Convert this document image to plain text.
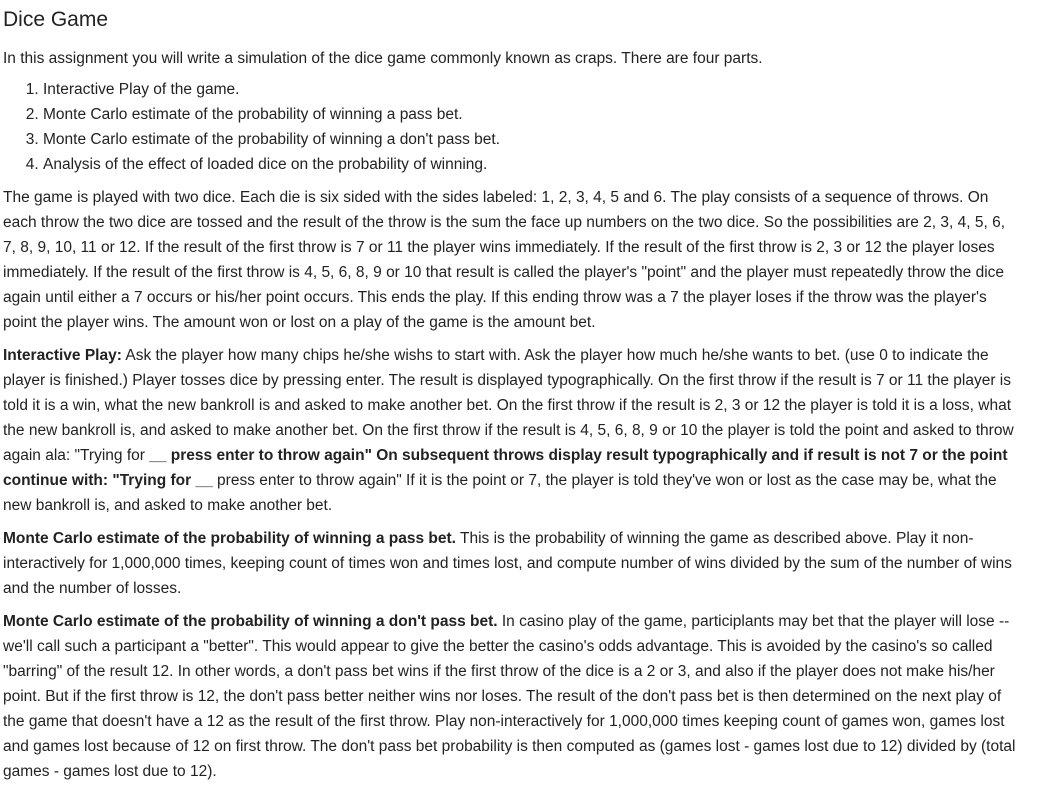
Dice Game

In this assignment you will write a simulation of the dice game commonly known as craps. There are four parts.

1. Interactive Play of the game.
2. Monte Carlo estimate of the probability of winning a pass bet.
3. Monte Carlo estimate of the probability of winning a don't pass bet.
4. Analysis of the effect of loaded dice on the probability of winning.

The game is played with two dice. Each die is six sided with the sides labeled: 1, 2, 3, 4, 5 and 6. The play consists of a sequence of throws. On each throw the two dice are tossed and the result of the throw is the sum the face up numbers on the two dice. So the possibilities are 2, 3, 4, 5, 6, 7, 8, 9, 10, 11 or 12. If the result of the first throw is 7 or 11 the player wins immediately. If the result of the first throw is 2, 3 or 12 the player loses immediately. If the result of the first throw is 4, 5, 6, 8, 9 or 10 that result is called the player's "point" and the player must repeatedly throw the dice again until either a 7 occurs or his/her point occurs. This ends the play. If this ending throw was a 7 the player loses if the throw was the player's point the player wins. The amount won or lost on a play of the game is the amount bet.

Interactive Play: Ask the player how many chips he/she wishs to start with. Ask the player how much he/she wants to bet. (use 0 to indicate the player is finished.) Player tosses dice by pressing enter. The result is displayed typographically. On the first throw if the result is 7 or 11 the player is told it is a win, what the new bankroll is and asked to make another bet. On the first throw if the result is 2, 3 or 12 the player is told it is a loss, what the new bankroll is, and asked to make another bet. On the first throw if the result is 4, 5, 6, 8, 9 or 10 the player is told the point and asked to throw again ala: "Trying for __ press enter to throw again" On subsequent throws display result typographically and if result is not 7 or the point continue with: "Trying for __ press enter to throw again" If it is the point or 7, the player is told they've won or lost as the case may be, what the new bankroll is, and asked to make another bet.

Monte Carlo estimate of the probability of winning a pass bet. This is the probability of winning the game as described above. Play it non-interactively for 1,000,000 times, keeping count of times won and times lost, and compute number of wins divided by the sum of the number of wins and the number of losses.

Monte Carlo estimate of the probability of winning a don't pass bet. In casino play of the game, participlants may bet that the player will lose -- we'll call such a participant a "better". This would appear to give the better the casino's odds advantage. This is avoided by the casino's so called "barring" of the result 12. In other words, a don't pass bet wins if the first throw of the dice is a 2 or 3, and also if the player does not make his/her point. But if the first throw is 12, the don't pass better neither wins nor loses. The result of the don't pass bet is then determined on the next play of the game that doesn't have a 12 as the result of the first throw. Play non-interactively for 1,000,000 times keeping count of games won, games lost and games lost because of 12 on first throw. The don't pass bet probability is then computed as (games lost - games lost due to 12) divided by (total games - games lost due to 12).
